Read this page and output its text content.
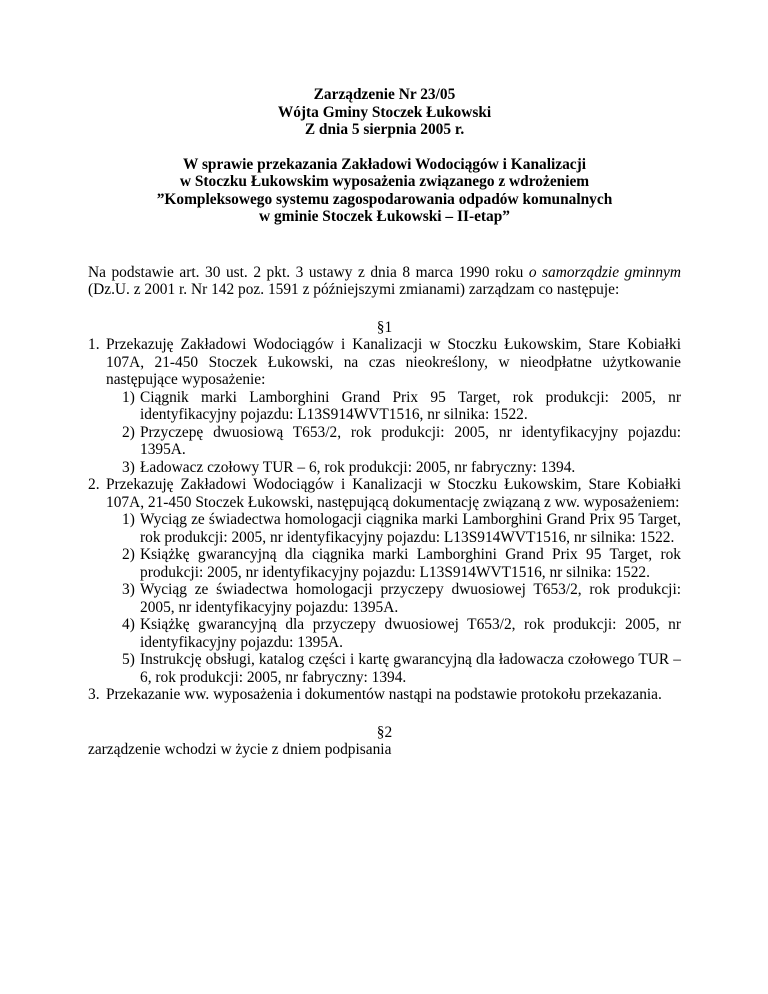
Zarządzenie Nr 23/05
Wójta Gminy Stoczek Łukowski
Z dnia 5 sierpnia 2005 r.
W sprawie przekazania Zakładowi Wodociągów i Kanalizacji
w Stoczku Łukowskim wyposażenia związanego z wdrożeniem
”Kompleksowego systemu zagospodarowania odpadów komunalnych
w gminie Stoczek Łukowski – II-etap”
Na podstawie art. 30 ust. 2 pkt. 3 ustawy z dnia 8 marca 1990 roku o samorządzie gminnym (Dz.U. z 2001 r. Nr 142 poz. 1591 z późniejszymi zmianami) zarządzam co następuje:
§1
1. Przekazuję Zakładowi Wodociągów i Kanalizacji w Stoczku Łukowskim, Stare Kobiałki 107A, 21-450 Stoczek Łukowski, na czas nieokreślony, w nieodpłatne użytkowanie następujące wyposażenie:
1) Ciągnik marki Lamborghini Grand Prix 95 Target, rok produkcji: 2005, nr identyfikacyjny pojazdu: L13S914WVT1516, nr silnika: 1522.
2) Przyczepę dwuosiową T653/2, rok produkcji: 2005, nr identyfikacyjny pojazdu: 1395A.
3) Ładowacz czołowy TUR – 6, rok produkcji: 2005, nr fabryczny: 1394.
2. Przekazuję Zakładowi Wodociągów i Kanalizacji w Stoczku Łukowskim, Stare Kobiałki 107A, 21-450 Stoczek Łukowski, następującą dokumentację związaną z ww. wyposażeniem:
1) Wyciąg ze świadectwa homologacji ciągnika marki Lamborghini Grand Prix 95 Target, rok produkcji: 2005, nr identyfikacyjny pojazdu: L13S914WVT1516, nr silnika: 1522.
2) Książkę gwarancyjną dla ciągnika marki Lamborghini Grand Prix 95 Target, rok produkcji: 2005, nr identyfikacyjny pojazdu: L13S914WVT1516, nr silnika: 1522.
3) Wyciąg ze świadectwa homologacji przyczepy dwuosiowej T653/2, rok produkcji: 2005, nr identyfikacyjny pojazdu: 1395A.
4) Książkę gwarancyjną dla przyczepy dwuosiowej T653/2, rok produkcji: 2005, nr identyfikacyjny pojazdu: 1395A.
5) Instrukcję obsługi, katalog części i kartę gwarancyjną dla ładowacza czołowego TUR – 6, rok produkcji: 2005, nr fabryczny: 1394.
3. Przekazanie ww. wyposażenia i dokumentów nastąpi na podstawie protokołu przekazania.
§2
zarządzenie wchodzi w życie z dniem podpisania
